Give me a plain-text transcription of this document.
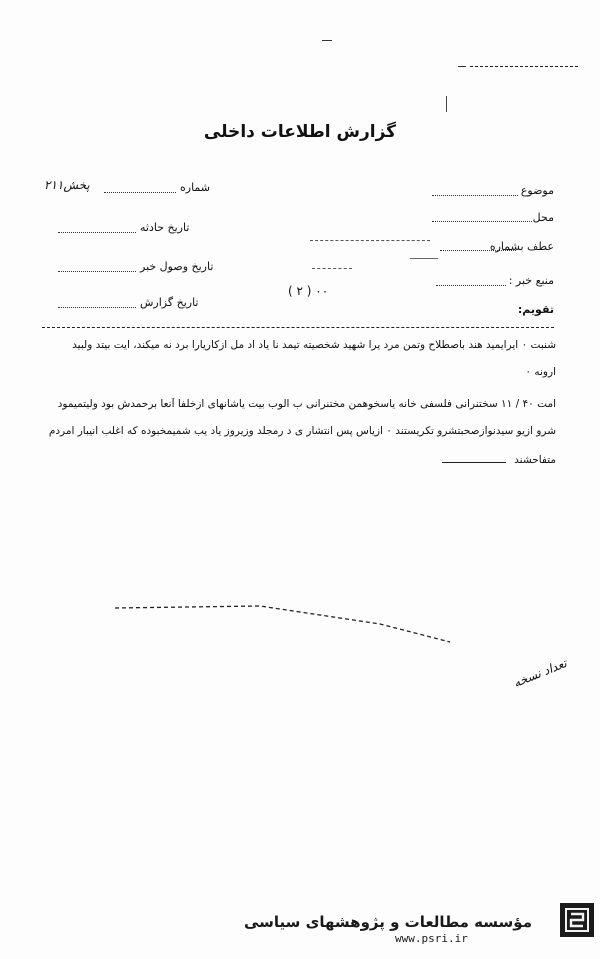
گزارش اطلاعات داخلی
موضوع
محل
عطف بشماره
منبع خبر :
تقویم:
شماره
پخش۲۱۱
تاریخ حادثه
تاریخ وصول خبر
تاریخ گزارش
( ۲ ) ۰۰
شنبت ۰ ایرایمید هند باصطلاح وتمن مرد یرا شهید شخصیته تیمد نا یاد اد مل ازکاریارا برد نه میکند، ایت بیتد ولبید
ارونه ۰
امت ۴۰ / ۱۱ سختنرانی فلسفی خانه یاسخوهمن مختنرانی ب الوب بیت یاشانهای ازخلفا آنعا برحمدش بود ولیتمیمود
شرو ازیو سیدنوازصحبتشرو تکریستند ۰ ازیاس پس انتشار ی د رمجلد وزیروز یاد یب شمیمخبوده که اغلب انیبار امردم
متفاحشند
تعداد نسخه
مؤسسه مطالعات و پژوهشهای سیاسی
www.psri.ir
